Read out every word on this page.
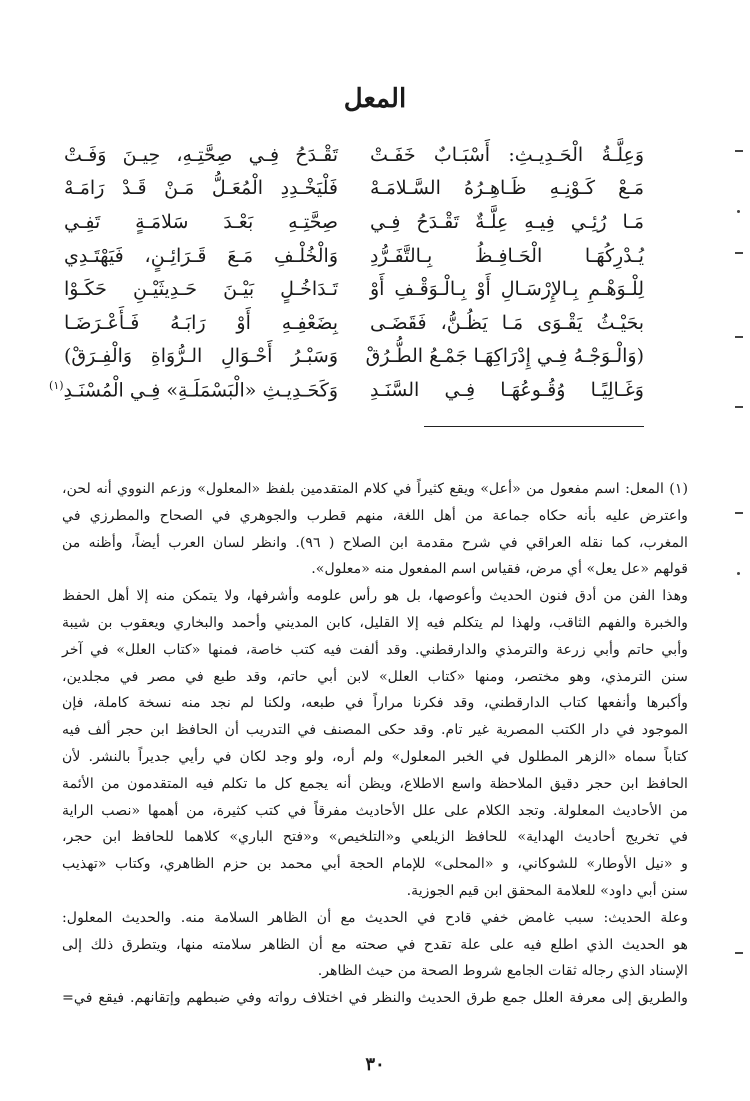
المعل
وَعِلَّـةُ الْحَـدِيـثِ: أَسْبَـابٌ خَفَـتْ
تَقْـدَحُ فِـي صِحَّتِـهِ، حِيـنَ وَفَـتْ
مَـعْ كَـوْنِـهِ ظَـاهِـرُهُ السَّـلامَـهْ
فَلْيَخْـدِدِ الْمُعَـلُّ مَـنْ قَـدْ رَامَـهْ
مَـا رُئِـي فِيـهِ عِلَّـةٌ تَقْـدَحُ فِـي
صِحَّتِـهِ بَعْـدَ سَلامَـةٍ تَفِـي
يُـدْرِكُهَـا الْحَـافِـظُ بِـالتَّفَـرُّدِ
وَالْخُلْـفِ مَـعَ قَـرَائِـنٍ، فَيَهْتَـدِي
لِلْـوَهْـمِ بِـالإِرْسَـالِ أَوْ بِـالْـوَقْـفِ أَوْ
تَـدَاخُـلٍ بَيْـنَ حَـدِيثَيْـنِ حَكَـوْا
بحَيْـثُ يَقْـوَى مَـا يَظُـنُّ، فَقَضَـى
بِضَعْفِـهِ أَوْ رَابَـهُ فَـأَعْـرَضَـا
(وَالْـوَجْـهُ فِـي إِدْرَاكِهَـا جَمْـعُ الطُّـرُقْ
وَسَبْـرُ أَحْـوَالِ الـرُّوَاةِ وَالْفِـرَقْ)
وَغَـالِيًـا وُقُـوعُهَـا فِـي السَّنَـدِ
وَكَحَـدِيـثِ «الْبَسْمَلَـةِ» فِـي الْمُسْنَـدِ$^{(١)}$
(١) المعل: اسم مفعول من «أعل» ويقع كثيراً في كلام المتقدمين بلفظ «المعلول» وزعم النووي أنه لحن،
واعترض عليه بأنه حكاه جماعة من أهل اللغة، منهم قطرب والجوهري في الصحاح والمطرزي في
المغرب، كما نقله العراقي في شرح مقدمة ابن الصلاح ( ٩٦). وانظر لسان العرب أيضاً، وأظنه من
قولهم «عل يعل» أي مرض، فقياس اسم المفعول منه «معلول».
وهذا الفن من أدق فنون الحديث وأعوصها، بل هو رأس علومه وأشرفها، ولا يتمكن منه إلا أهل الحفظ
والخبرة والفهم الثاقب، ولهذا لم يتكلم فيه إلا القليل، كابن المديني وأحمد والبخاري ويعقوب بن شيبة
وأبي حاتم وأبي زرعة والترمذي والدارقطني. وقد ألفت فيه كتب خاصة، فمنها «كتاب العلل» في آخر
سنن الترمذي، وهو مختصر، ومنها «كتاب العلل» لابن أبي حاتم، وقد طبع في مصر في مجلدين،
وأكبرها وأنفعها كتاب الدارقطني، وقد فكرنا مراراً في طبعه، ولكنا لم نجد منه نسخة كاملة، فإن
الموجود في دار الكتب المصرية غير تام. وقد حكى المصنف في التدريب أن الحافظ ابن حجر ألف فيه
كتاباً سماه «الزهر المطلول في الخبر المعلول» ولم أره، ولو وجد لكان في رأيي جديراً بالنشر. لأن
الحافظ ابن حجر دقيق الملاحظة واسع الاطلاع، ويظن أنه يجمع كل ما تكلم فيه المتقدمون من الأئمة
من الأحاديث المعلولة. وتجد الكلام على علل الأحاديث مفرقاً في كتب كثيرة، من أهمها «نصب الراية
في تخريج أحاديث الهداية» للحافظ الزيلعي و«التلخيص» و«فتح الباري» كلاهما للحافظ ابن حجر،
و «نيل الأوطار» للشوكاني، و «المحلى» للإمام الحجة أبي محمد بن حزم الظاهري، وكتاب «تهذيب
سنن أبي داود» للعلامة المحقق ابن قيم الجوزية.
وعلة الحديث: سبب غامض خفي قادح في الحديث مع أن الظاهر السلامة منه. والحديث المعلول:
هو الحديث الذي اطلع فيه على علة تقدح في صحته مع أن الظاهر سلامته منها، ويتطرق ذلك إلى
الإسناد الذي رجاله ثقات الجامع شروط الصحة من حيث الظاهر.
والطريق إلى معرفة العلل جمع طرق الحديث والنظر في اختلاف رواته وفي ضبطهم وإتقانهم. فيقع في=
٣٠
